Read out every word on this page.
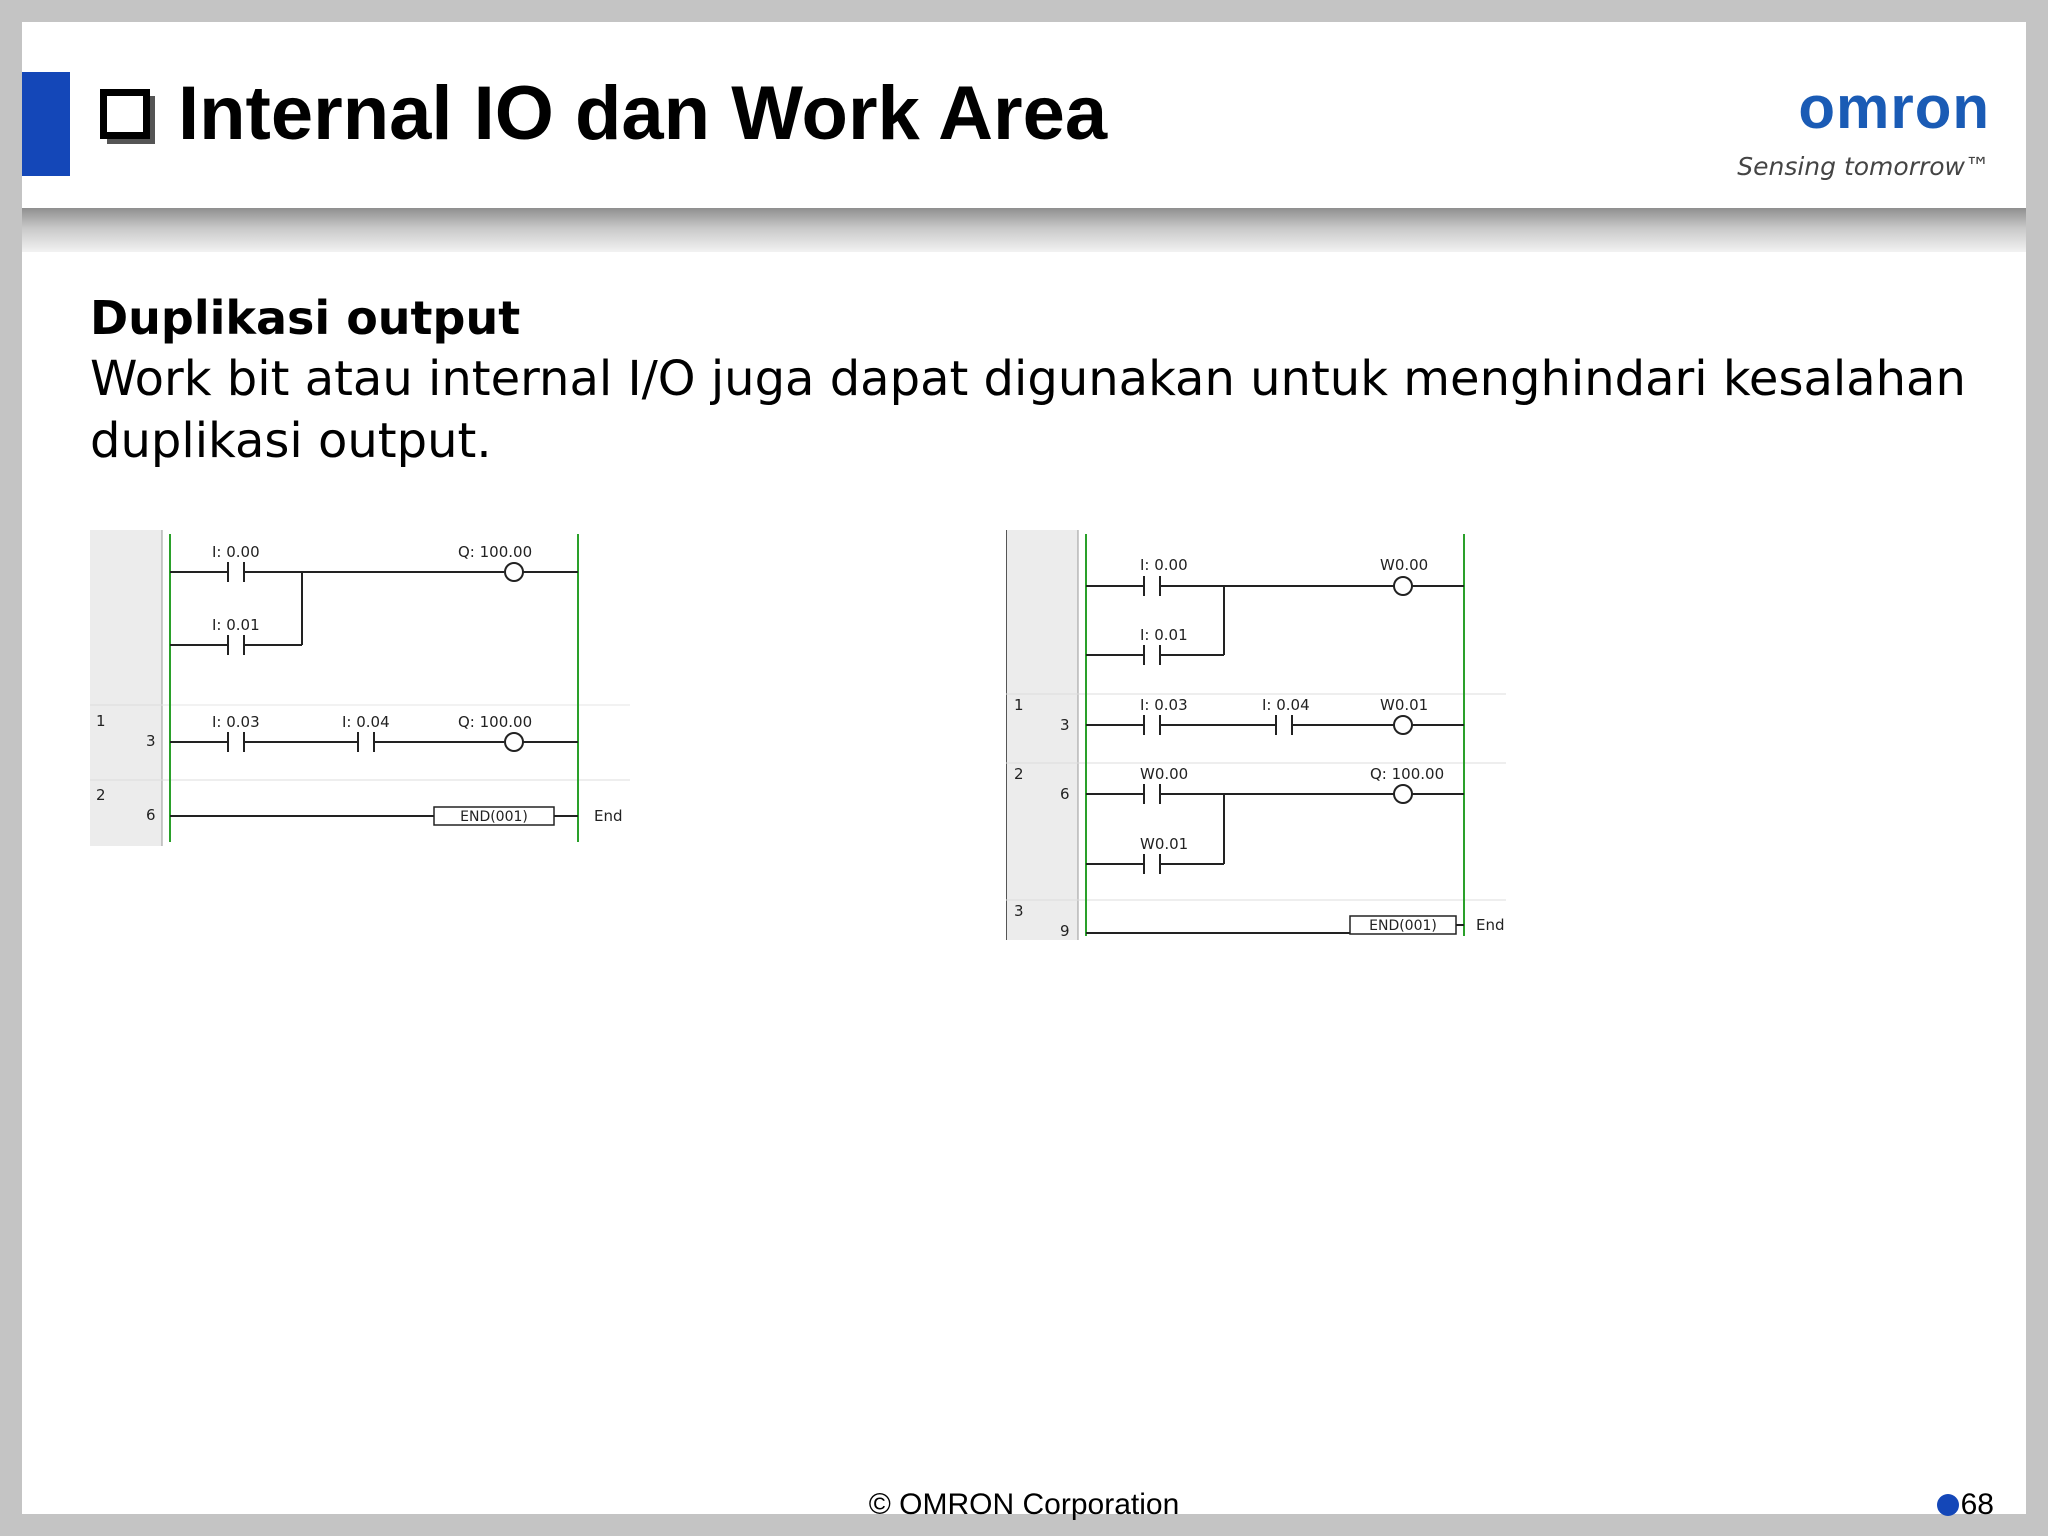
Internal IO dan Work Area	omron
Sensing tomorrow™
Duplikasi output
Work bit atau internal I/O juga dapat digunakan untuk menghindari kesalahan duplikasi output.
I: 0.00	Q: 100.00
I: 0.01
1
3
I: 0.03	I: 0.04	Q: 100.00
2
6	END(001)	End
I: 0.00	W0.00
I: 0.01
1
3
I: 0.03	I: 0.04	W0.01
2
6
W0.00	Q: 100.00
W0.01
3
9	END(001)	End
© OMRON Corporation	68
